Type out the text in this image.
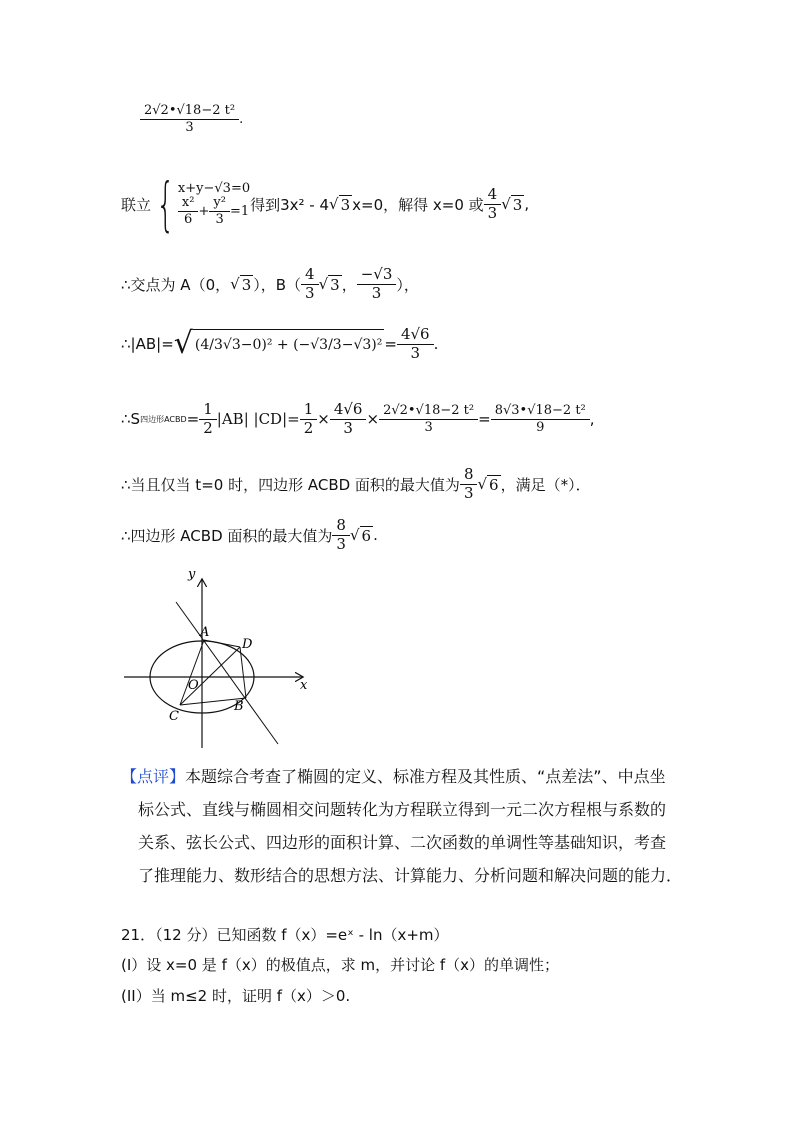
$\frac{\text{2√2•√18−2 t²}}{3}$ .
联立 { x+y−√3=0
$\frac{\text{x²}}{6} + \frac{\text{y²}}{3} =1$ 得到3x² - 4 √ 3 x=0，解得 x=0 或 $\frac{4}{3}$ √ 3 ,
∴交点为 A（0， √ 3 ），$B( \frac{4}{3}$ √ 3 ， $\frac{-√3}{3}$ ），
∴|AB|= √ $(4/3√3-0)^2 + (-√3/3-√3)^2 = \frac{4√6}{3}$ .
∴S 四边形ACBD = $\frac{1}{2} |AB|$ $|CD|= \frac{1}{2} \times \frac{4√6}{3} \times \frac{\text{2√2•√18−2 t²}}{3} = \frac{\text{8√3•√18−2 t²}}{9}$ ,
∴当且仅当 t=0 时，四边形 ACBD 面积的最大值为 $\frac{8}{3}$ √ 6 ，满足（*）．
∴四边形 ACBD 面积的最大值为 $\frac{8}{3}$ √ 6 .
y
x
O
A
D
B
C
【点评】本题综合考查了椭圆的定义、标准方程及其性质、“点差法”、中点坐
标公式、直线与椭圆相交问题转化为方程联立得到一元二次方程根与系数的
关系、弦长公式、四边形的面积计算、二次函数的单调性等基础知识，考查
了推理能力、数形结合的思想方法、计算能力、分析问题和解决问题的能力．
21．（12 分）已知函数 f（x）=eˣ - ln（x+m）
(I）设 x=0 是 f（x）的极值点，求 m，并讨论 f（x）的单调性；
(II）当 m≤2 时，证明 f（x）＞0.
